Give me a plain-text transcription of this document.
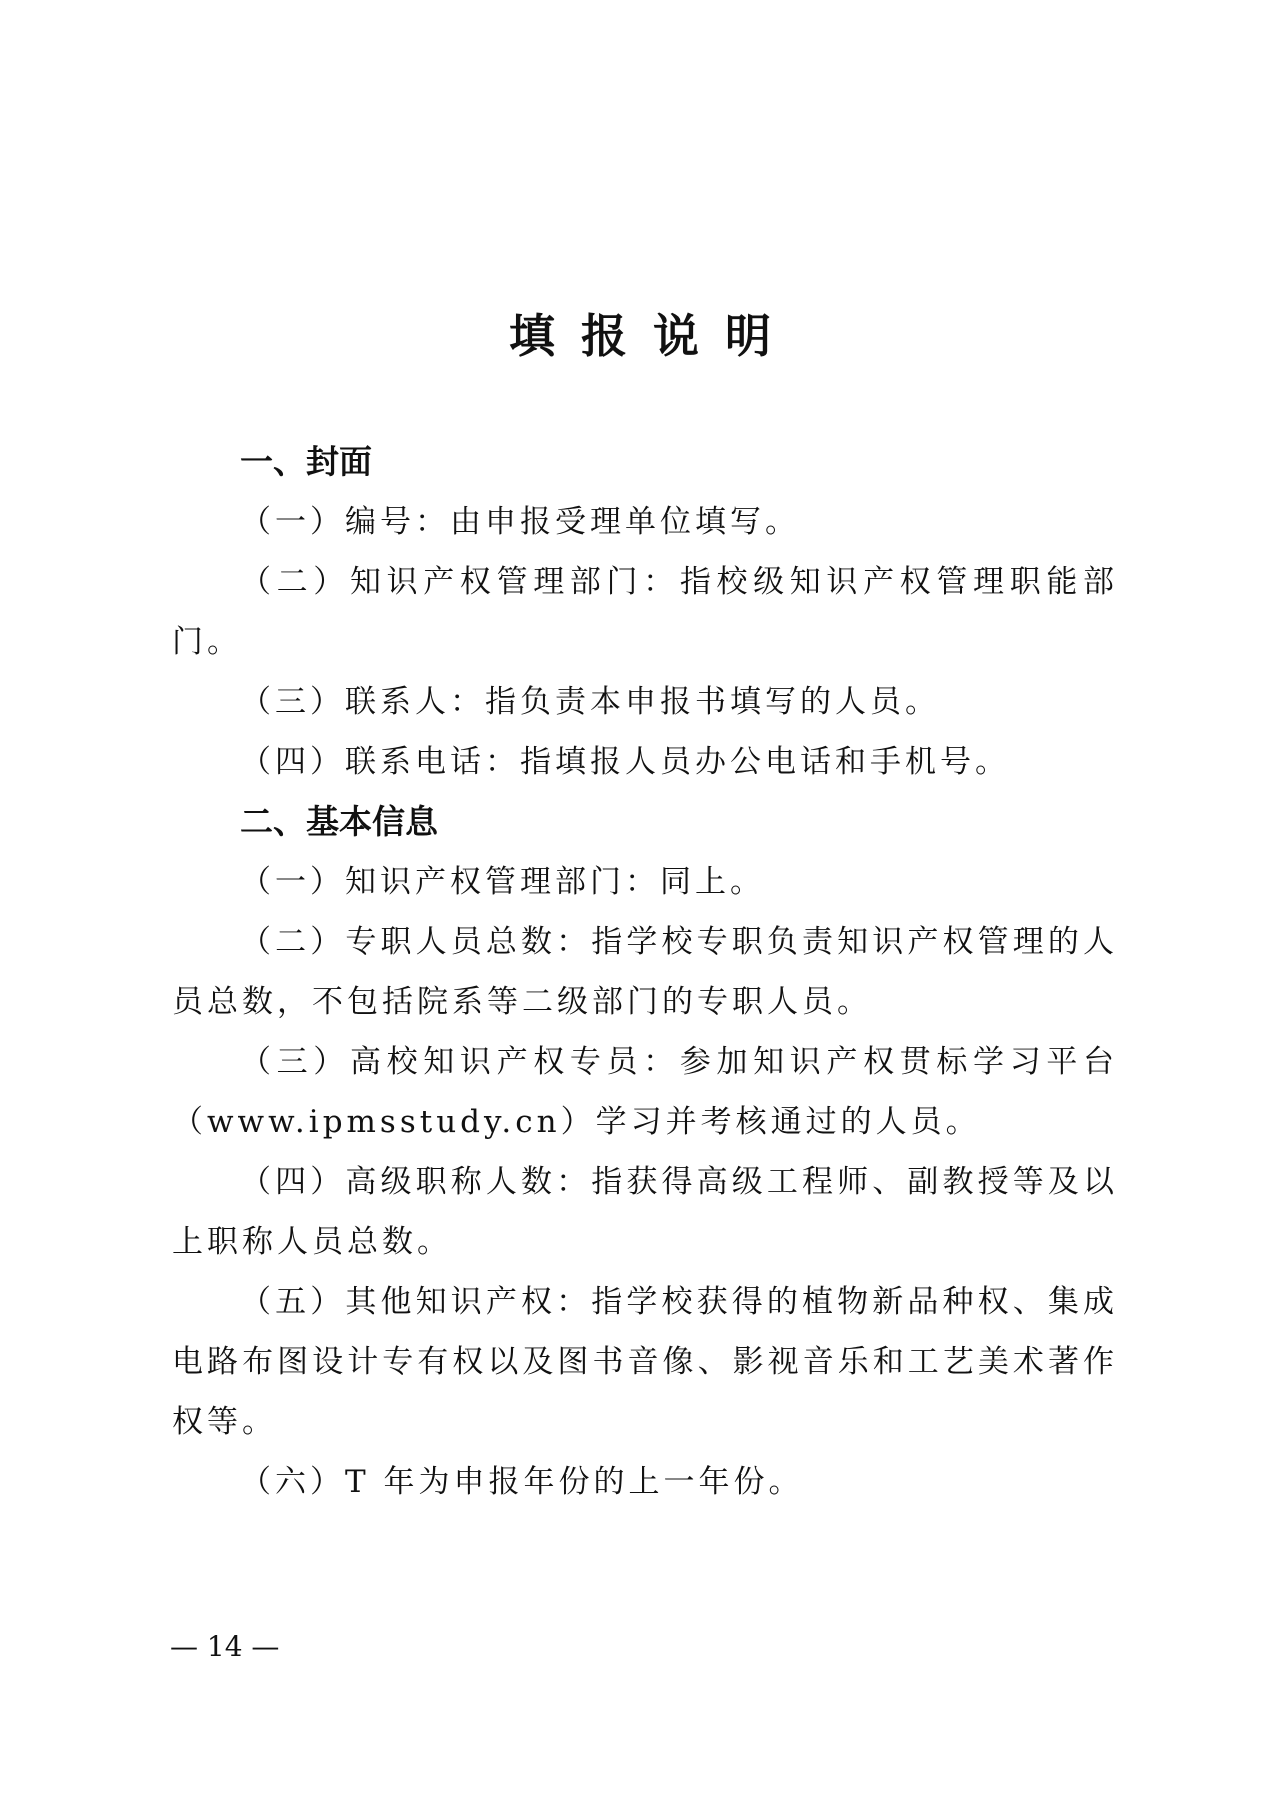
填报说明

一、封面

（一）编号：由申报受理单位填写。

（二）知识产权管理部门：指校级知识产权管理职能部门。

（三）联系人：指负责本申报书填写的人员。

（四）联系电话：指填报人员办公电话和手机号。

二、基本信息

（一）知识产权管理部门：同上。

（二）专职人员总数：指学校专职负责知识产权管理的人员总数，不包括院系等二级部门的专职人员。

（三）高校知识产权专员：参加知识产权贯标学习平台（www.ipmsstudy.cn）学习并考核通过的人员。

（四）高级职称人数：指获得高级工程师、副教授等及以上职称人员总数。

（五）其他知识产权：指学校获得的植物新品种权、集成电路布图设计专有权以及图书音像、影视音乐和工艺美术著作权等。

（六）T 年为申报年份的上一年份。

— 14 —
